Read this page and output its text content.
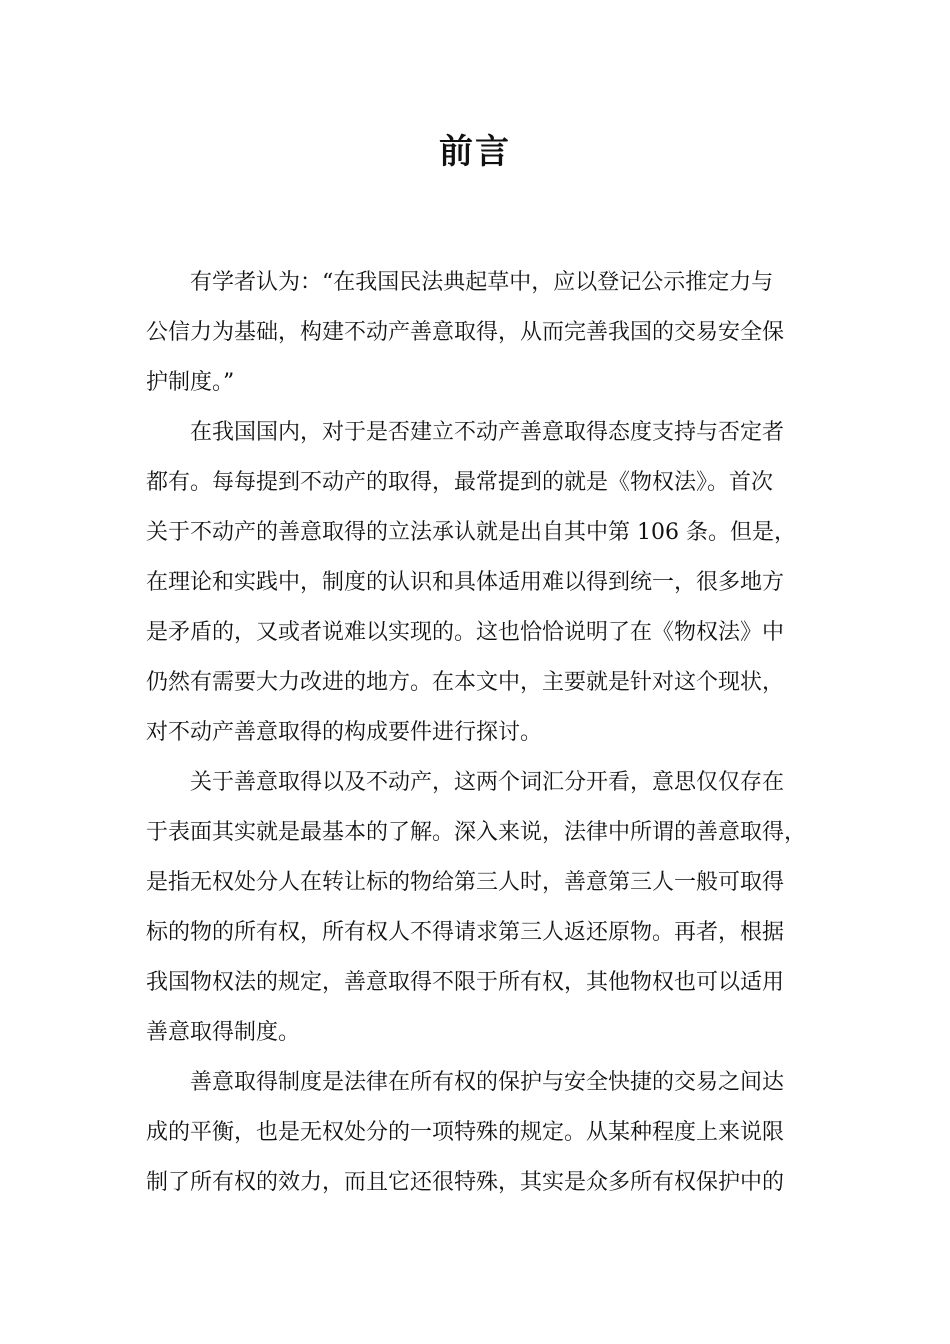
前言
有学者认为：“在我国民法典起草中，应以登记公示推定力与
公信力为基础，构建不动产善意取得，从而完善我国的交易安全保
护制度。”
在我国国内，对于是否建立不动产善意取得态度支持与否定者
都有。每每提到不动产的取得，最常提到的就是《物权法》。首次
关于不动产的善意取得的立法承认就是出自其中第 106 条。但是，
在理论和实践中，制度的认识和具体适用难以得到统一，很多地方
是矛盾的，又或者说难以实现的。这也恰恰说明了在《物权法》中
仍然有需要大力改进的地方。在本文中，主要就是针对这个现状，
对不动产善意取得的构成要件进行探讨。
关于善意取得以及不动产，这两个词汇分开看，意思仅仅存在
于表面其实就是最基本的了解。深入来说，法律中所谓的善意取得，
是指无权处分人在转让标的物给第三人时，善意第三人一般可取得
标的物的所有权，所有权人不得请求第三人返还原物。再者，根据
我国物权法的规定，善意取得不限于所有权，其他物权也可以适用
善意取得制度。
善意取得制度是法律在所有权的保护与安全快捷的交易之间达
成的平衡，也是无权处分的一项特殊的规定。从某种程度上来说限
制了所有权的效力，而且它还很特殊，其实是众多所有权保护中的
